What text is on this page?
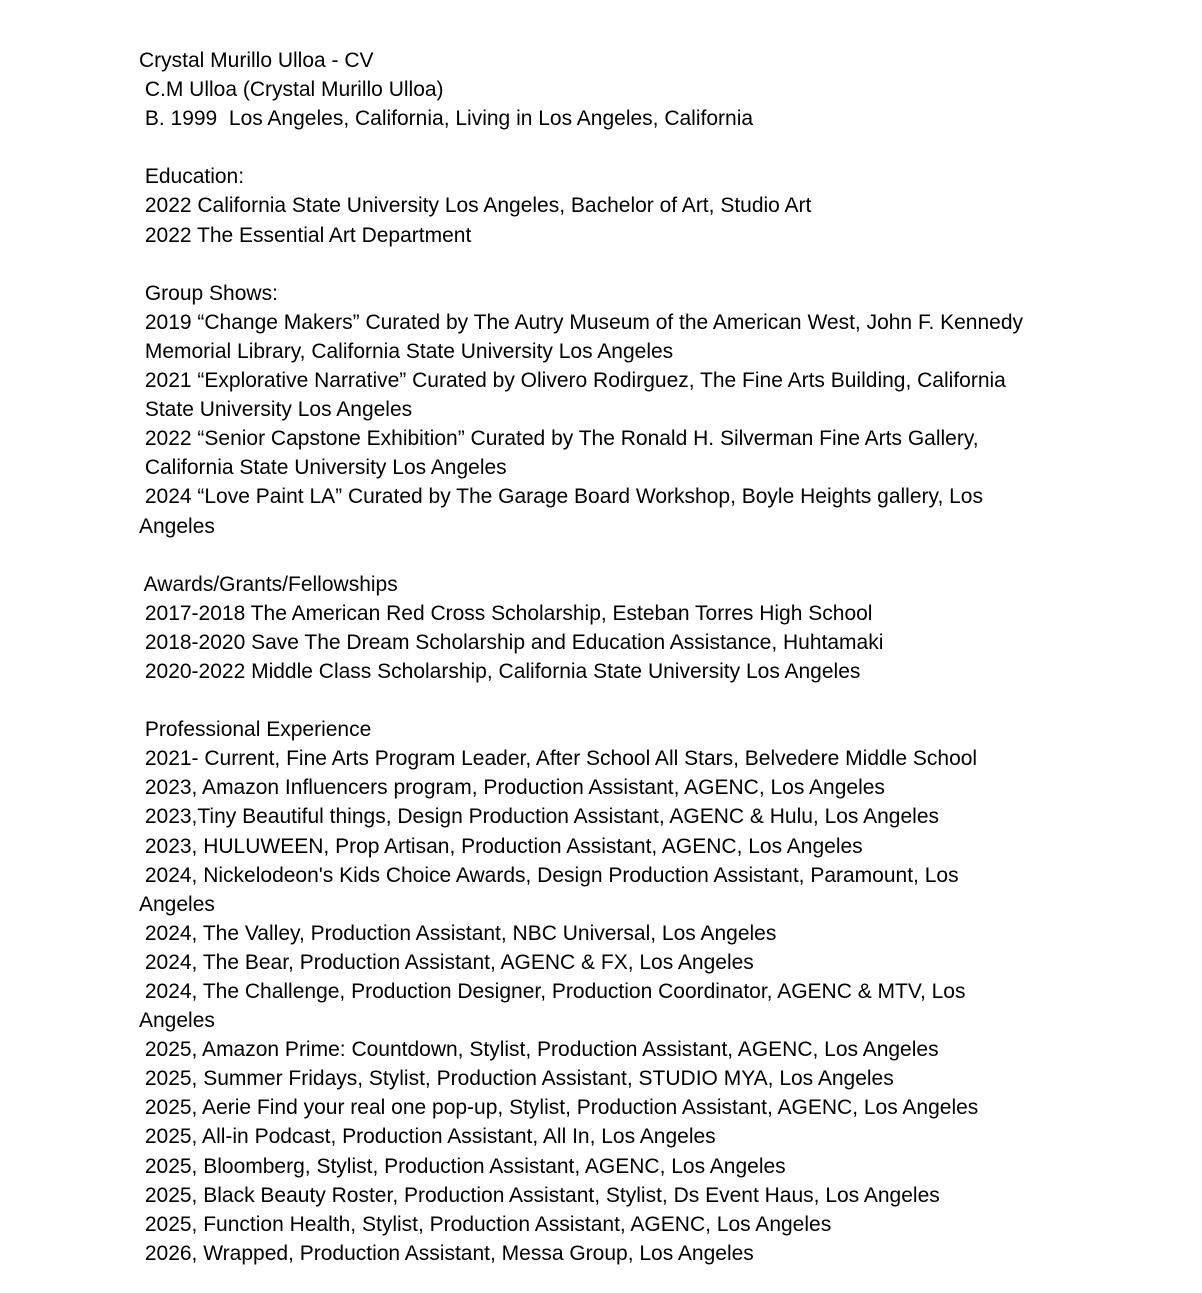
Crystal Murillo Ulloa - CV
C.M Ulloa (Crystal Murillo Ulloa)
B. 1999  Los Angeles, California, Living in Los Angeles, California
Education:
2022 California State University Los Angeles, Bachelor of Art, Studio Art
2022 The Essential Art Department
Group Shows:
2019 “Change Makers” Curated by The Autry Museum of the American West, John F. Kennedy
Memorial Library, California State University Los Angeles
2021 “Explorative Narrative” Curated by Olivero Rodirguez, The Fine Arts Building, California
State University Los Angeles
2022 “Senior Capstone Exhibition” Curated by The Ronald H. Silverman Fine Arts Gallery,
California State University Los Angeles
2024 “Love Paint LA” Curated by The Garage Board Workshop, Boyle Heights gallery, Los
Angeles
Awards/Grants/Fellowships
2017-2018 The American Red Cross Scholarship, Esteban Torres High School
2018-2020 Save The Dream Scholarship and Education Assistance, Huhtamaki
2020-2022 Middle Class Scholarship, California State University Los Angeles
Professional Experience
2021- Current, Fine Arts Program Leader, After School All Stars, Belvedere Middle School
2023, Amazon Influencers program, Production Assistant, AGENC, Los Angeles
2023,Tiny Beautiful things, Design Production Assistant, AGENC & Hulu, Los Angeles
2023, HULUWEEN, Prop Artisan, Production Assistant, AGENC, Los Angeles
2024, Nickelodeon's Kids Choice Awards, Design Production Assistant, Paramount, Los
Angeles
2024, The Valley, Production Assistant, NBC Universal, Los Angeles
2024, The Bear, Production Assistant, AGENC & FX, Los Angeles
2024, The Challenge, Production Designer, Production Coordinator, AGENC & MTV, Los
Angeles
2025, Amazon Prime: Countdown, Stylist, Production Assistant, AGENC, Los Angeles
2025, Summer Fridays, Stylist, Production Assistant, STUDIO MYA, Los Angeles
2025, Aerie Find your real one pop-up, Stylist, Production Assistant, AGENC, Los Angeles
2025, All-in Podcast, Production Assistant, All In, Los Angeles
2025, Bloomberg, Stylist, Production Assistant, AGENC, Los Angeles
2025, Black Beauty Roster, Production Assistant, Stylist, Ds Event Haus, Los Angeles
2025, Function Health, Stylist, Production Assistant, AGENC, Los Angeles
2026, Wrapped, Production Assistant, Messa Group, Los Angeles
